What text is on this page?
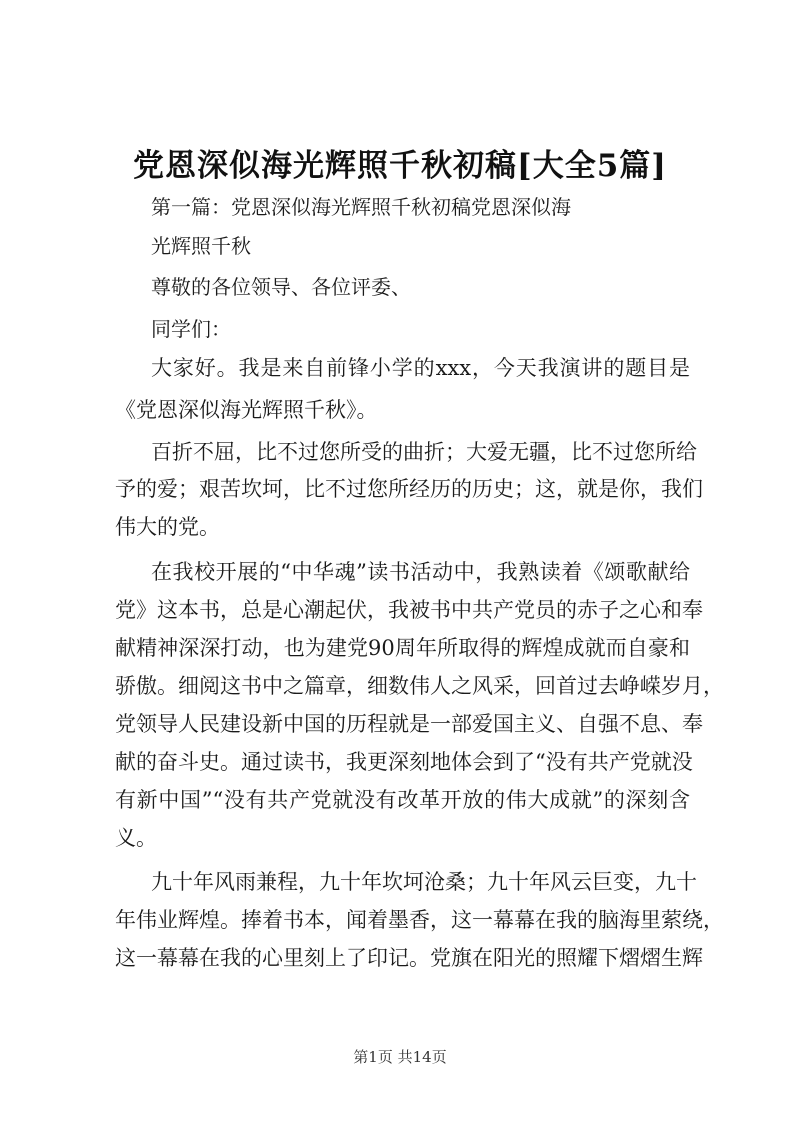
党恩深似海光辉照千秋初稿[大全5篇]
第一篇：党恩深似海光辉照千秋初稿党恩深似海
光辉照千秋
尊敬的各位领导、各位评委、
同学们：
大家好。我是来自前锋小学的xxx，今天我演讲的题目是
《党恩深似海光辉照千秋》。
百折不屈，比不过您所受的曲折；大爱无疆，比不过您所给
予的爱；艰苦坎坷，比不过您所经历的历史；这，就是你，我们
伟大的党。
在我校开展的“中华魂”读书活动中，我熟读着《颂歌献给
党》这本书，总是心潮起伏，我被书中共产党员的赤子之心和奉
献精神深深打动，也为建党90周年所取得的辉煌成就而自豪和
骄傲。细阅这书中之篇章，细数伟人之风采，回首过去峥嵘岁月，
党领导人民建设新中国的历程就是一部爱国主义、自强不息、奉
献的奋斗史。通过读书，我更深刻地体会到了“没有共产党就没
有新中国”“没有共产党就没有改革开放的伟大成就”的深刻含
义。
九十年风雨兼程，九十年坎坷沧桑；九十年风云巨变，九十
年伟业辉煌。捧着书本，闻着墨香，这一幕幕在我的脑海里萦绕，
这一幕幕在我的心里刻上了印记。党旗在阳光的照耀下熠熠生辉
第1页 共14页
